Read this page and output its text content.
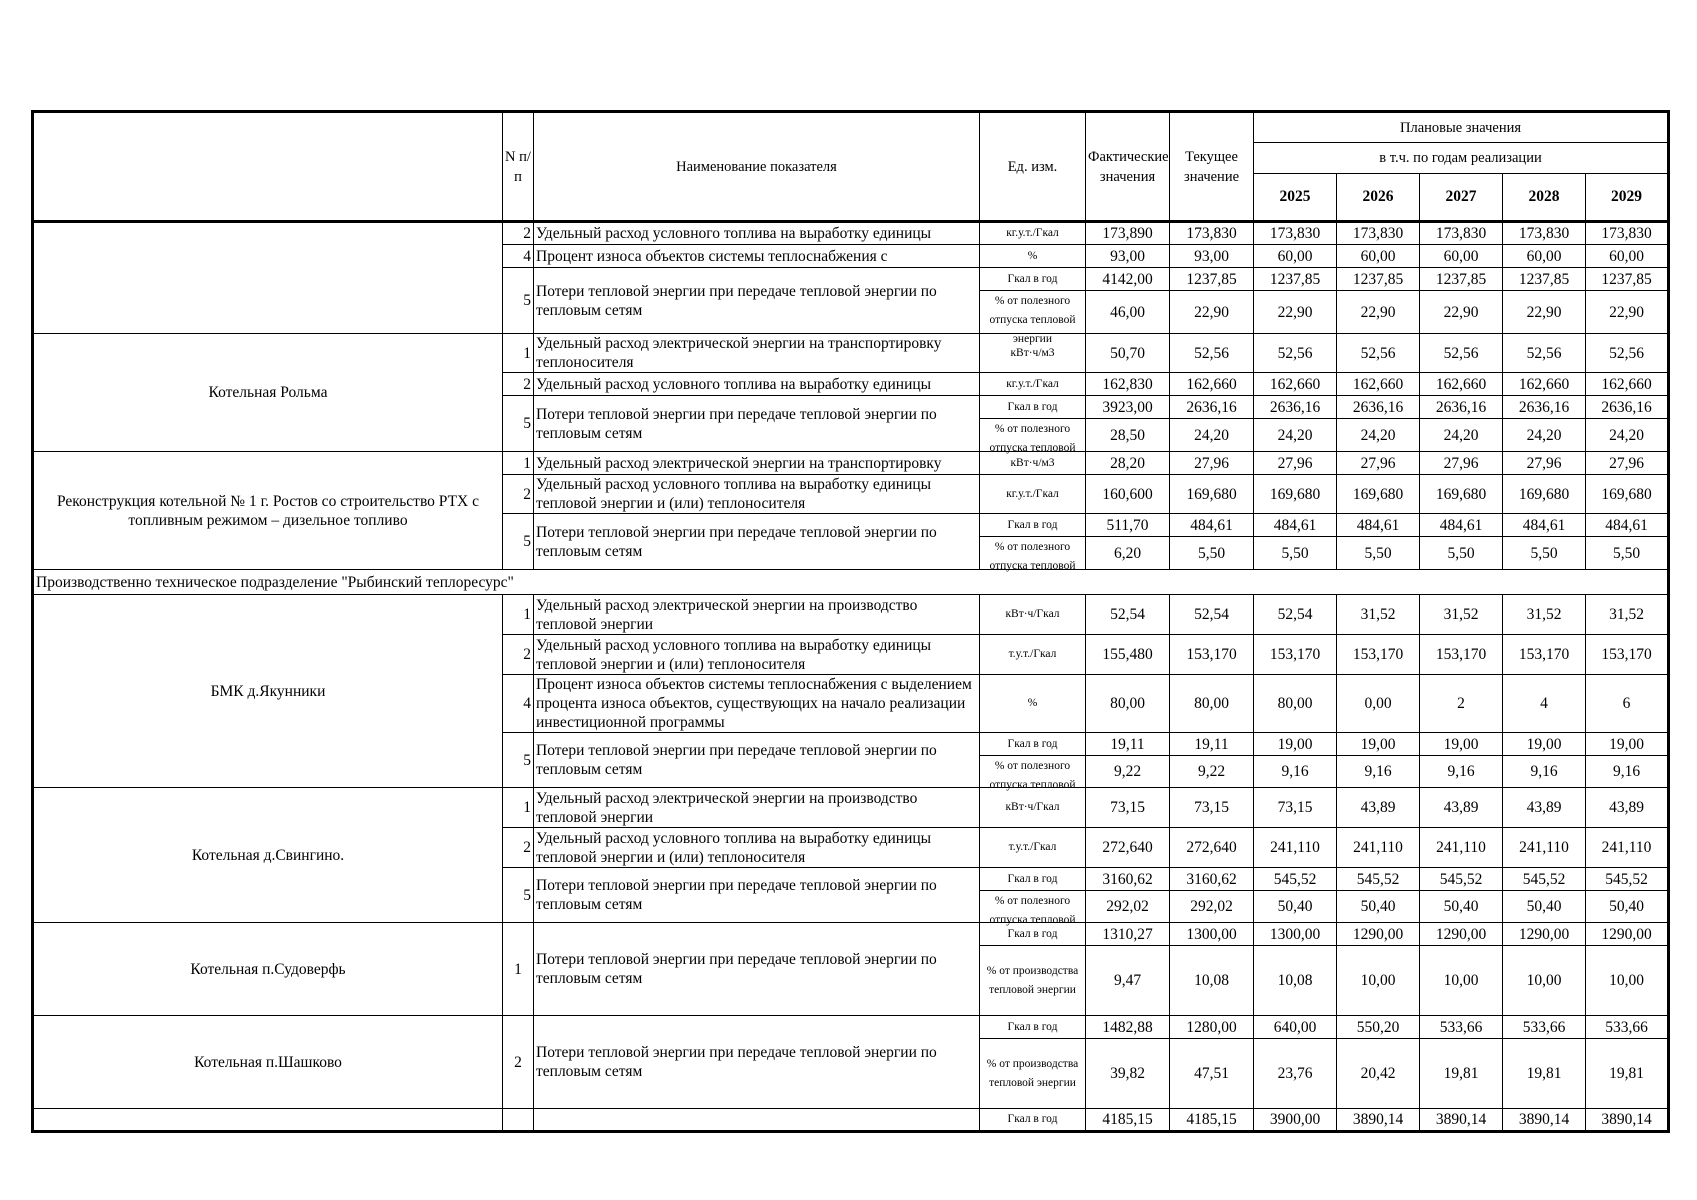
	N п/п	Наименование показателя	Ед. изм.	Фактические значения	Текущее значение	Плановые значения				
						в т.ч. по годам реализации				
						2025	2026	2027	2028	2029
	2	Удельный расход условного топлива на выработку единицы	кг.у.т./Гкал	173,890	173,830	173,830	173,830	173,830	173,830	173,830
	4	Процент износа объектов системы теплоснабжения с	%	93,00	93,00	60,00	60,00	60,00	60,00	60,00
	5	Потери тепловой энергии при передаче тепловой энергии по тепловым сетям	Гкал в год	4142,00	1237,85	1237,85	1237,85	1237,85	1237,85	1237,85

			% от полезного отпуска тепловой энергии	46,00	22,90	22,90	22,90	22,90	22,90	22,90
Котельная Рольма	1	Удельный расход электрической энергии на транспортировку теплоносителя	кВт·ч/м3	50,70	52,56	52,56	52,56	52,56	52,56	52,56
	2	Удельный расход условного топлива на выработку единицы	кг.у.т./Гкал	162,830	162,660	162,660	162,660	162,660	162,660	162,660
	5	Потери тепловой энергии при передаче тепловой энергии по тепловым сетям	Гкал в год	3923,00	2636,16	2636,16	2636,16	2636,16	2636,16	2636,16

			% от полезного отпуска тепловой	28,50	24,20	24,20	24,20	24,20	24,20	24,20
Реконструкция котельной № 1 г. Ростов со строительство РТХ с топливным режимом – дизельное топливо	1	Удельный расход электрической энергии на транспортировку	кВт·ч/м3	28,20	27,96	27,96	27,96	27,96	27,96	27,96
	2	Удельный расход условного топлива на выработку единицы тепловой энергии и (или) теплоносителя	кг.у.т./Гкал	160,600	169,680	169,680	169,680	169,680	169,680	169,680
	5	Потери тепловой энергии при передаче тепловой энергии по тепловым сетям	Гкал в год	511,70	484,61	484,61	484,61	484,61	484,61	484,61

			% от полезного отпуска тепловой	6,20	5,50	5,50	5,50	5,50	5,50	5,50
Производственно техническое подразделение "Рыбинский теплоресурс"										
БМК д.Якунники	1	Удельный расход электрической энергии на производство тепловой энергии	кВт·ч/Гкал	52,54	52,54	52,54	31,52	31,52	31,52	31,52
	2	Удельный расход условного топлива на выработку единицы тепловой энергии и (или) теплоносителя	т.у.т./Гкал	155,480	153,170	153,170	153,170	153,170	153,170	153,170
	4	Процент износа объектов системы теплоснабжения с выделением процента износа объектов, существующих на начало реализации инвестиционной программы	%	80,00	80,00	80,00	0,00	2	4	6
	5	Потери тепловой энергии при передаче тепловой энергии по тепловым сетям	Гкал в год	19,11	19,11	19,00	19,00	19,00	19,00	19,00

			% от полезного отпуска тепловой	9,22	9,22	9,16	9,16	9,16	9,16	9,16
Котельная д.Свингино.	1	Удельный расход электрической энергии на производство тепловой энергии	кВт·ч/Гкал	73,15	73,15	73,15	43,89	43,89	43,89	43,89
	2	Удельный расход условного топлива на выработку единицы тепловой энергии и (или) теплоносителя	т.у.т./Гкал	272,640	272,640	241,110	241,110	241,110	241,110	241,110
	5	Потери тепловой энергии при передаче тепловой энергии по тепловым сетям	Гкал в год	3160,62	3160,62	545,52	545,52	545,52	545,52	545,52

			% от полезного отпуска тепловой	292,02	292,02	50,40	50,40	50,40	50,40	50,40
Котельная п.Судоверфь	1	Потери тепловой энергии при передаче тепловой энергии по тепловым сетям	Гкал в год	1310,27	1300,00	1300,00	1290,00	1290,00	1290,00	1290,00

			% от производства тепловой энергии	9,47	10,08	10,08	10,00	10,00	10,00	10,00
Котельная п.Шашково	2	Потери тепловой энергии при передаче тепловой энергии по тепловым сетям	Гкал в год	1482,88	1280,00	640,00	550,20	533,66	533,66	533,66

			% от производства тепловой энергии	39,82	47,51	23,76	20,42	19,81	19,81	19,81

			Гкал в год	4185,15	4185,15	3900,00	3890,14	3890,14	3890,14	3890,14
